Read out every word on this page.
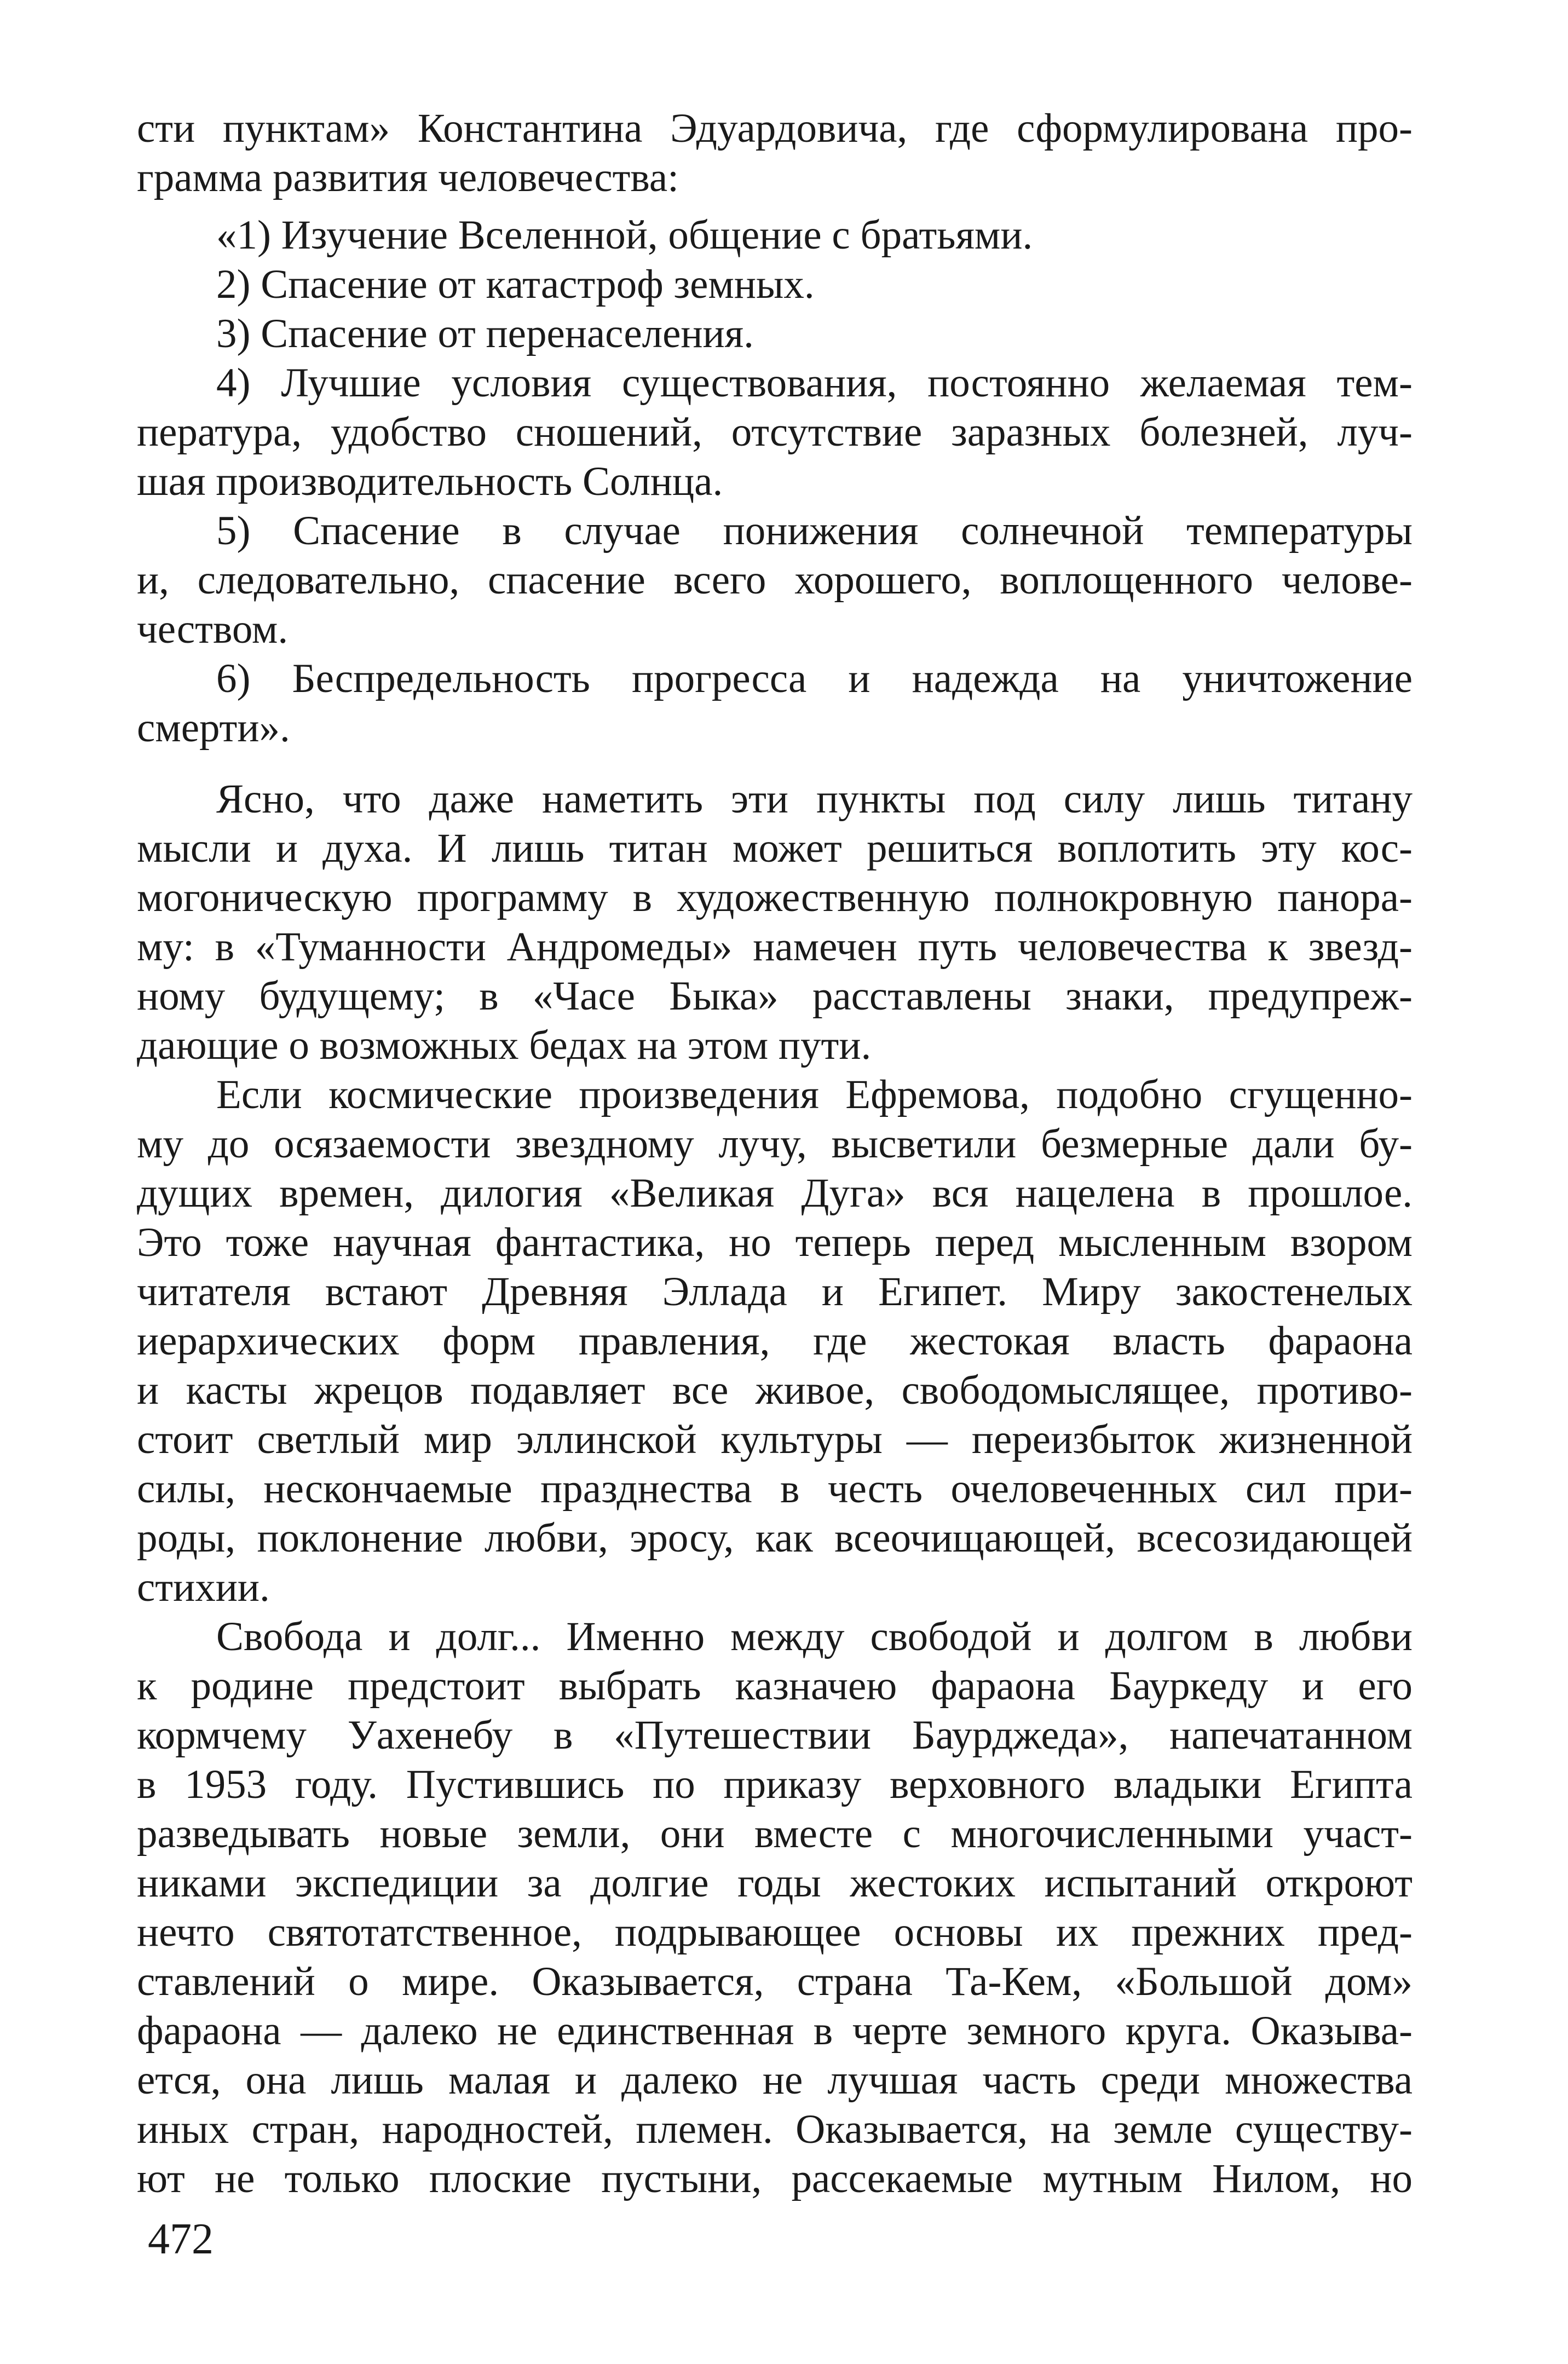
сти пунктам» Константина Эдуардовича, где сформулирована про-
грамма развития человечества:
«1) Изучение Вселенной, общение с братьями.
2) Спасение от катастроф земных.
3) Спасение от перенаселения.
4) Лучшие условия существования, постоянно желаемая тем-
пература, удобство сношений, отсутствие заразных болезней, луч-
шая производительность Солнца.
5) Спасение в случае понижения солнечной температуры
и, следовательно, спасение всего хорошего, воплощенного челове-
чеством.
6) Беспредельность прогресса и надежда на уничтожение
смерти».
Ясно, что даже наметить эти пункты под силу лишь титану
мысли и духа. И лишь титан может решиться воплотить эту кос-
могоническую программу в художественную полнокровную панора-
му: в «Туманности Андромеды» намечен путь человечества к звезд-
ному будущему; в «Часе Быка» расставлены знаки, предупреж-
дающие о возможных бедах на этом пути.
Если космические произведения Ефремова, подобно сгущенно-
му до осязаемости звездному лучу, высветили безмерные дали бу-
дущих времен, дилогия «Великая Дуга» вся нацелена в прошлое.
Это тоже научная фантастика, но теперь перед мысленным взором
читателя встают Древняя Эллада и Египет. Миру закостенелых
иерархических форм правления, где жестокая власть фараона
и касты жрецов подавляет все живое, свободомыслящее, противо-
стоит светлый мир эллинской культуры — переизбыток жизненной
силы, нескончаемые празднества в честь очеловеченных сил при-
роды, поклонение любви, эросу, как всеочищающей, всесозидающей
стихии.
Свобода и долг... Именно между свободой и долгом в любви
к родине предстоит выбрать казначею фараона Бауркеду и его
кормчему Уахенебу в «Путешествии Баурджеда», напечатанном
в 1953 году. Пустившись по приказу верховного владыки Египта
разведывать новые земли, они вместе с многочисленными участ-
никами экспедиции за долгие годы жестоких испытаний откроют
нечто святотатственное, подрывающее основы их прежних пред-
ставлений о мире. Оказывается, страна Та-Кем, «Большой дом»
фараона — далеко не единственная в черте земного круга. Оказыва-
ется, она лишь малая и далеко не лучшая часть среди множества
иных стран, народностей, племен. Оказывается, на земле существу-
ют не только плоские пустыни, рассекаемые мутным Нилом, но
472
